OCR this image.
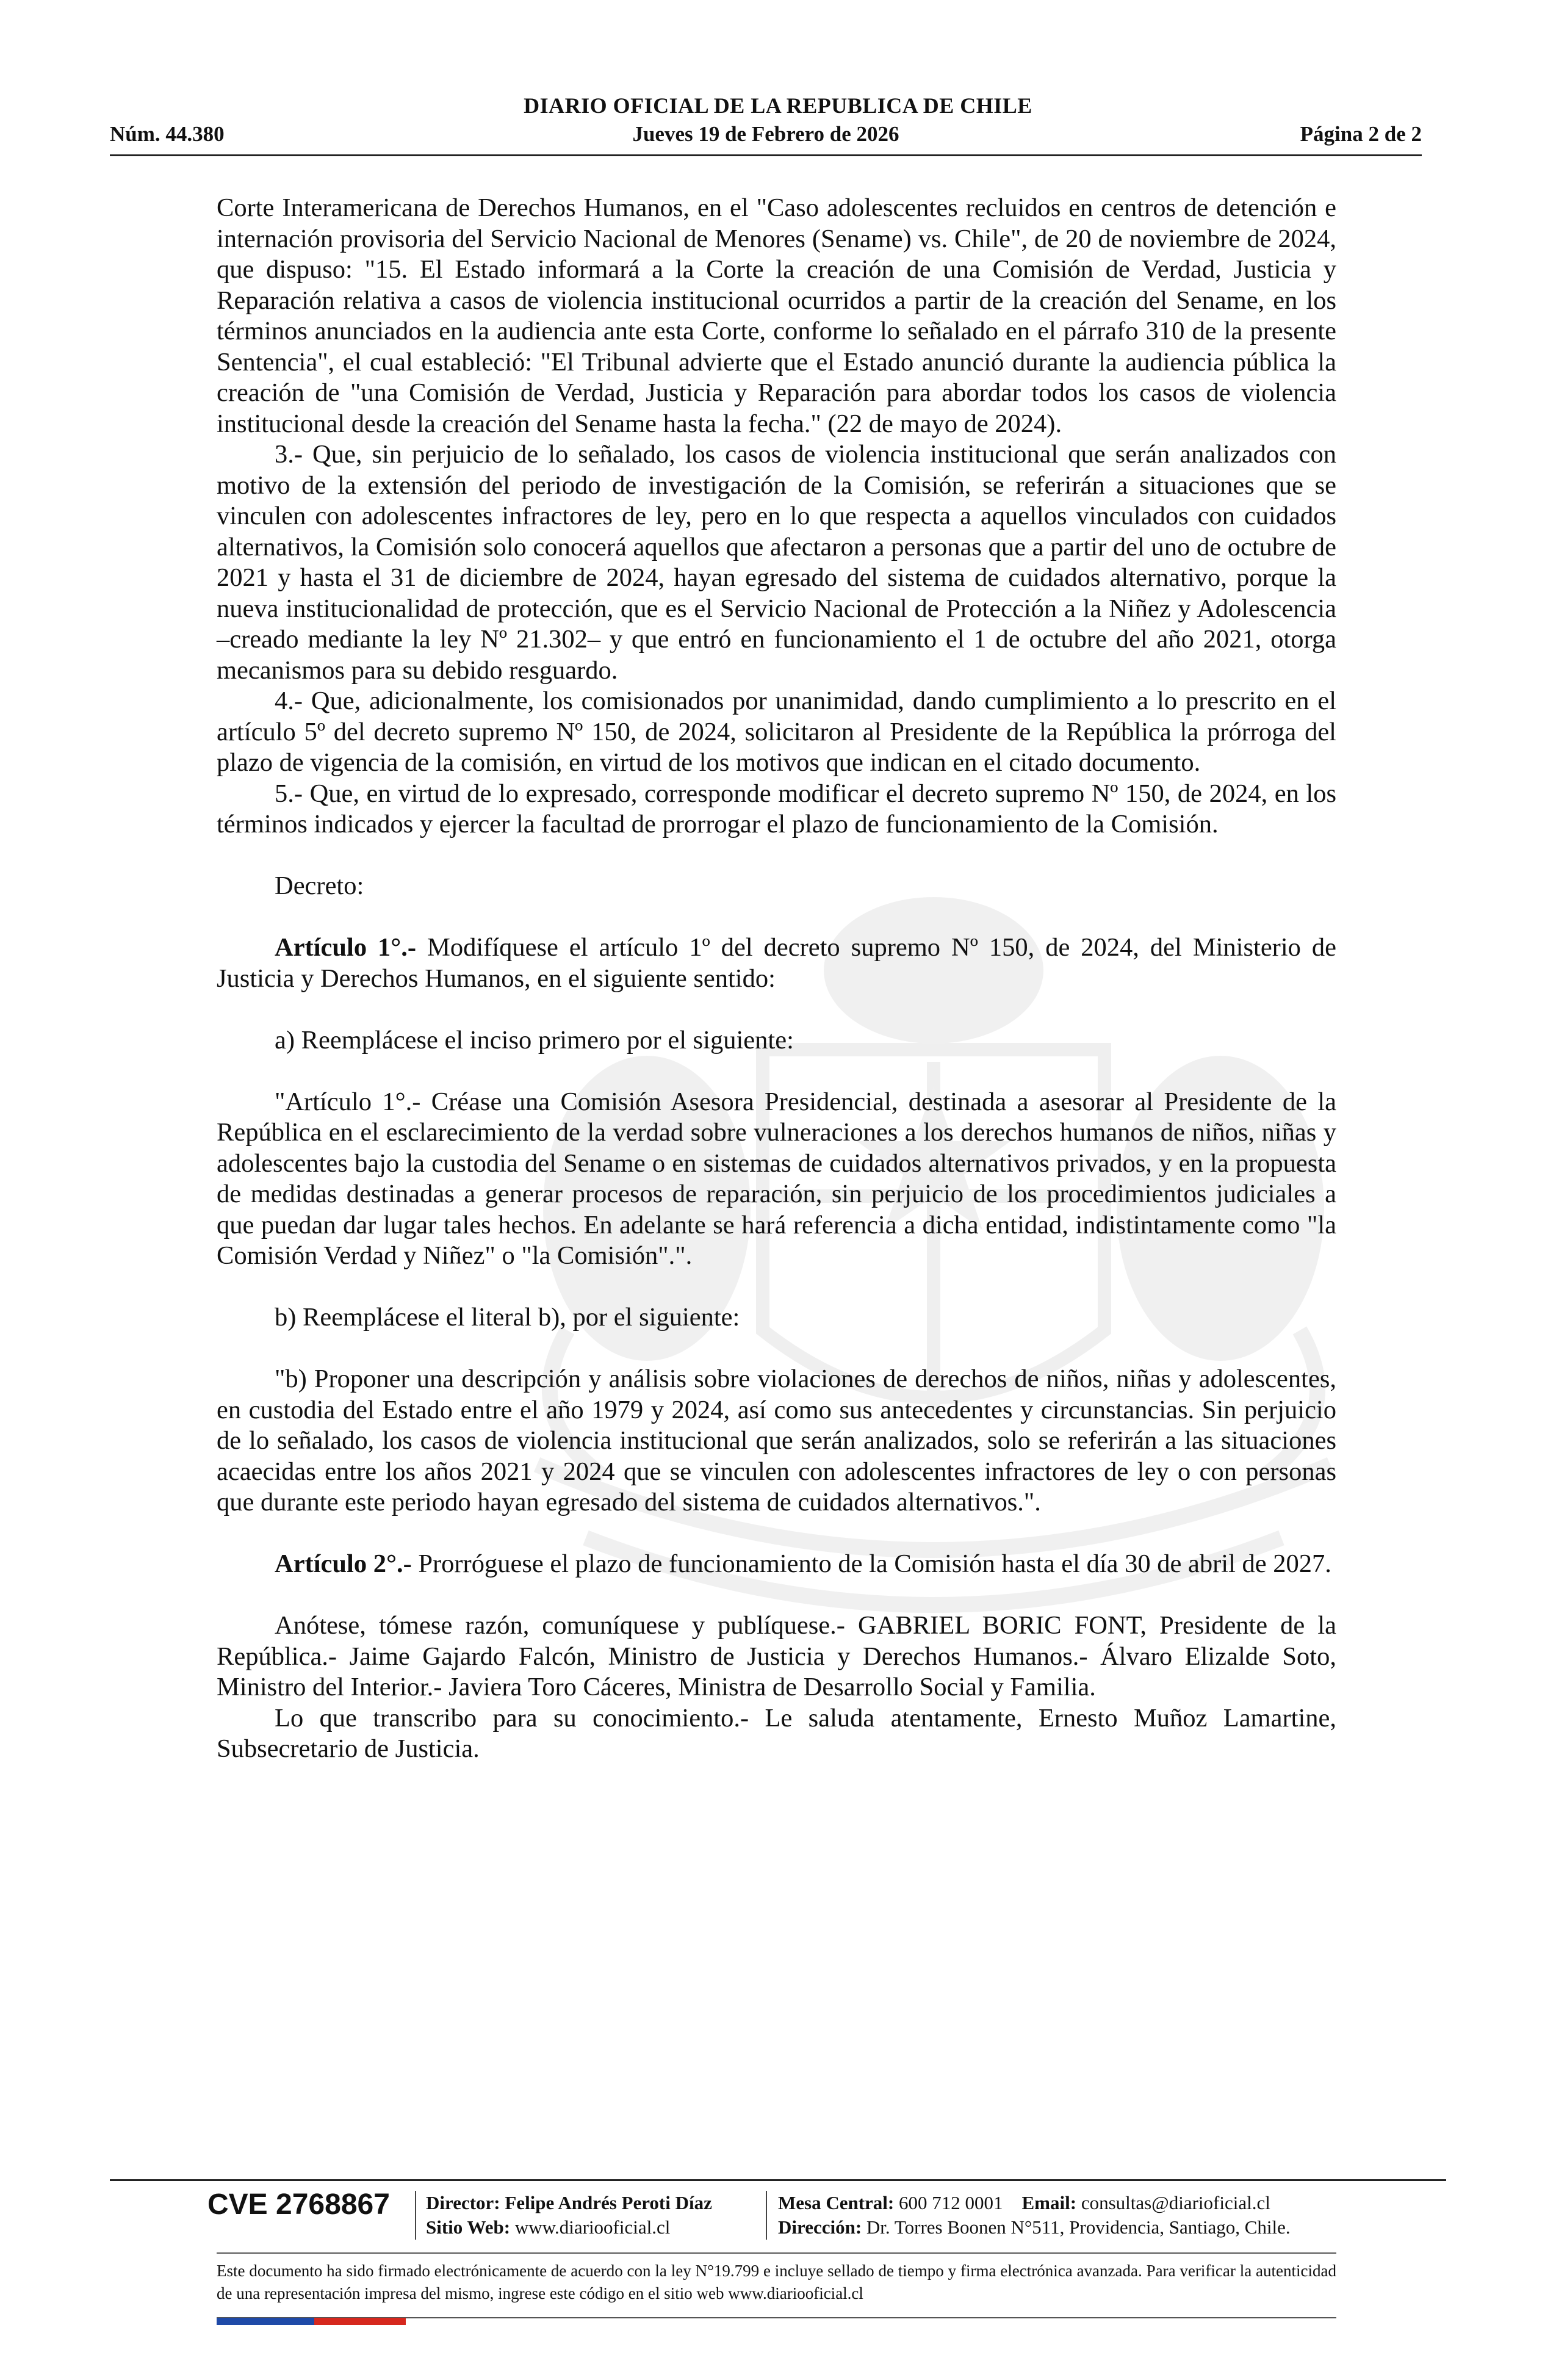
DIARIO OFICIAL DE LA REPUBLICA DE CHILE
Núm. 44.380	Jueves 19 de Febrero de 2026	Página 2 de 2

Corte Interamericana de Derechos Humanos, en el "Caso adolescentes recluidos en centros de detención e internación provisoria del Servicio Nacional de Menores (Sename) vs. Chile", de 20 de noviembre de 2024, que dispuso: "15. El Estado informará a la Corte la creación de una Comisión de Verdad, Justicia y Reparación relativa a casos de violencia institucional ocurridos a partir de la creación del Sename, en los términos anunciados en la audiencia ante esta Corte, conforme lo señalado en el párrafo 310 de la presente Sentencia", el cual estableció: "El Tribunal advierte que el Estado anunció durante la audiencia pública la creación de "una Comisión de Verdad, Justicia y Reparación para abordar todos los casos de violencia institucional desde la creación del Sename hasta la fecha." (22 de mayo de 2024).

3.- Que, sin perjuicio de lo señalado, los casos de violencia institucional que serán analizados con motivo de la extensión del periodo de investigación de la Comisión, se referirán a situaciones que se vinculen con adolescentes infractores de ley, pero en lo que respecta a aquellos vinculados con cuidados alternativos, la Comisión solo conocerá aquellos que afectaron a personas que a partir del uno de octubre de 2021 y hasta el 31 de diciembre de 2024, hayan egresado del sistema de cuidados alternativo, porque la nueva institucionalidad de protección, que es el Servicio Nacional de Protección a la Niñez y Adolescencia –creado mediante la ley Nº 21.302– y que entró en funcionamiento el 1 de octubre del año 2021, otorga mecanismos para su debido resguardo.

4.- Que, adicionalmente, los comisionados por unanimidad, dando cumplimiento a lo prescrito en el artículo 5º del decreto supremo Nº 150, de 2024, solicitaron al Presidente de la República la prórroga del plazo de vigencia de la comisión, en virtud de los motivos que indican en el citado documento.

5.- Que, en virtud de lo expresado, corresponde modificar el decreto supremo Nº 150, de 2024, en los términos indicados y ejercer la facultad de prorrogar el plazo de funcionamiento de la Comisión.

Decreto:

Artículo 1°.- Modifíquese el artículo 1º del decreto supremo Nº 150, de 2024, del Ministerio de Justicia y Derechos Humanos, en el siguiente sentido:

a) Reemplácese el inciso primero por el siguiente:

"Artículo 1°.- Créase una Comisión Asesora Presidencial, destinada a asesorar al Presidente de la República en el esclarecimiento de la verdad sobre vulneraciones a los derechos humanos de niños, niñas y adolescentes bajo la custodia del Sename o en sistemas de cuidados alternativos privados, y en la propuesta de medidas destinadas a generar procesos de reparación, sin perjuicio de los procedimientos judiciales a que puedan dar lugar tales hechos. En adelante se hará referencia a dicha entidad, indistintamente como "la Comisión Verdad y Niñez" o "la Comisión".".

b) Reemplácese el literal b), por el siguiente:

"b) Proponer una descripción y análisis sobre violaciones de derechos de niños, niñas y adolescentes, en custodia del Estado entre el año 1979 y 2024, así como sus antecedentes y circunstancias. Sin perjuicio de lo señalado, los casos de violencia institucional que serán analizados, solo se referirán a las situaciones acaecidas entre los años 2021 y 2024 que se vinculen con adolescentes infractores de ley o con personas que durante este periodo hayan egresado del sistema de cuidados alternativos.".

Artículo 2°.- Prorróguese el plazo de funcionamiento de la Comisión hasta el día 30 de abril de 2027.

Anótese, tómese razón, comuníquese y publíquese.- GABRIEL BORIC FONT, Presidente de la República.- Jaime Gajardo Falcón, Ministro de Justicia y Derechos Humanos.- Álvaro Elizalde Soto, Ministro del Interior.- Javiera Toro Cáceres, Ministra de Desarrollo Social y Familia.

Lo que transcribo para su conocimiento.- Le saluda atentamente, Ernesto Muñoz Lamartine, Subsecretario de Justicia.

CVE 2768867 Director: Felipe Andrés Peroti Díaz
Sitio Web: www.diariooficial.cl
Mesa Central: 600 712 0001 Email: consultas@diarioficial.cl
Dirección: Dr. Torres Boonen N°511, Providencia, Santiago, Chile.
Este documento ha sido firmado electrónicamente de acuerdo con la ley N°19.799 e incluye sellado de tiempo y firma electrónica avanzada. Para verificar la autenticidad de una representación impresa del mismo, ingrese este código en el sitio web www.diariooficial.cl
